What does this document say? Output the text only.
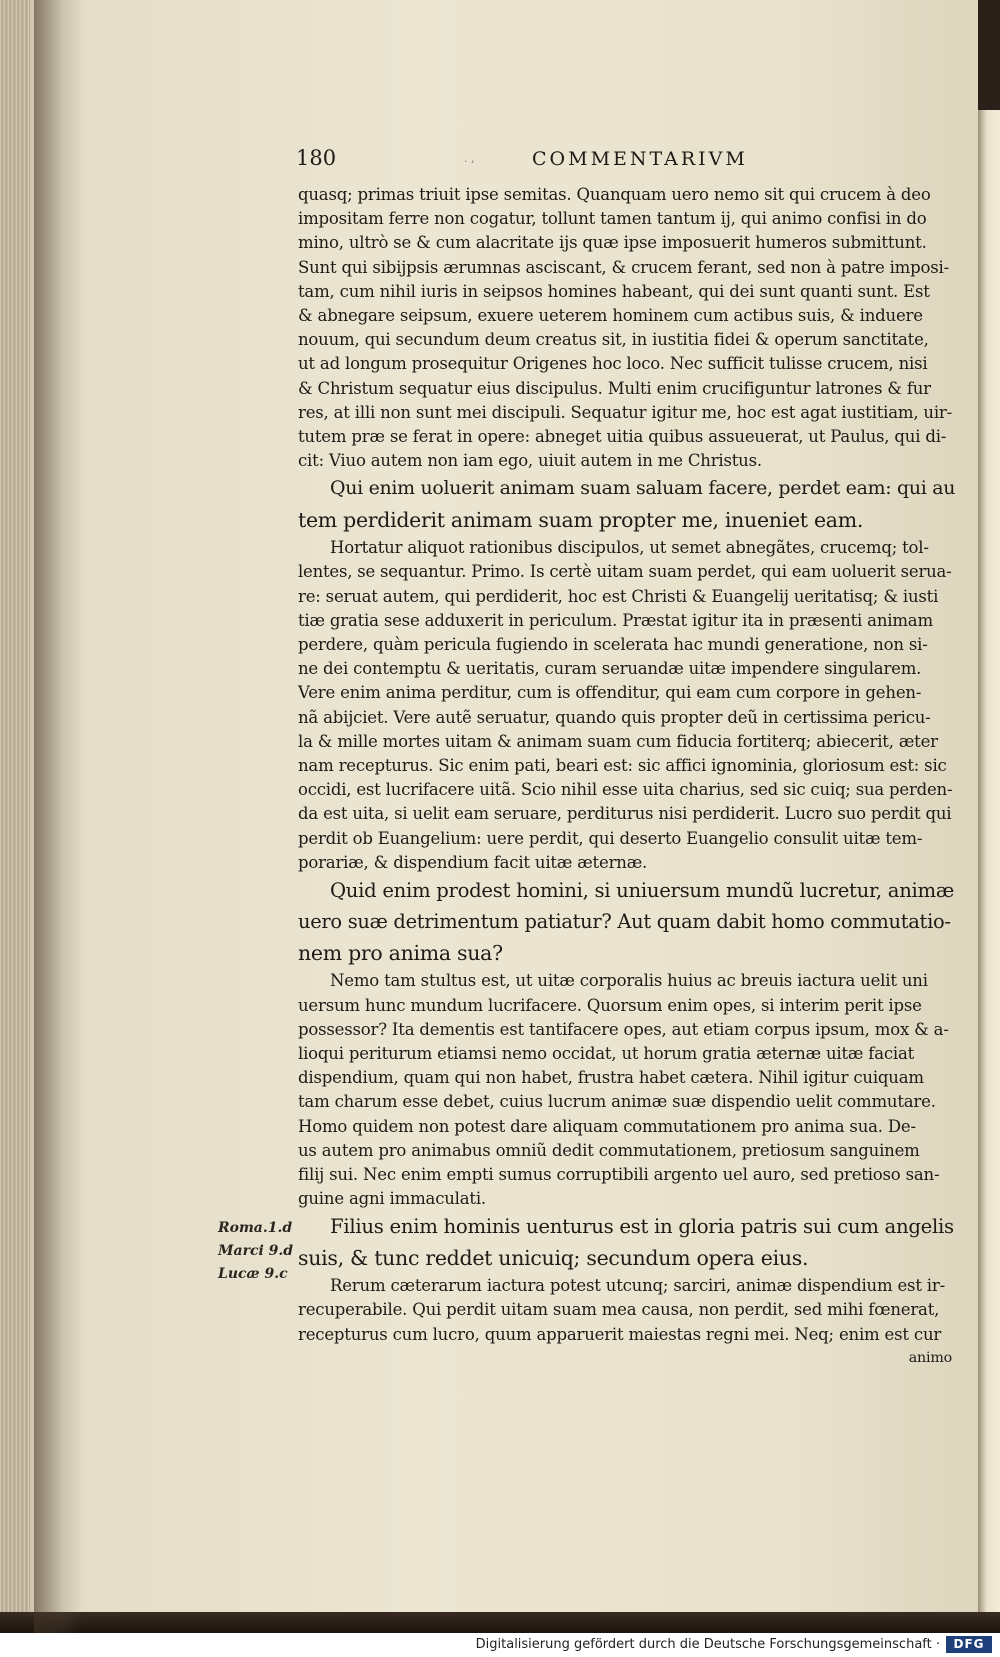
180	. ,	COMMENTARIVM
quasq; primas triuit ipse semitas. Quanquam uero nemo sit qui crucem à deo
impositam ferre non cogatur, tollunt tamen tantum ij, qui animo confisi in do
mino, ultrò se & cum alacritate ijs quæ ipse imposuerit humeros submittunt.
Sunt qui sibijpsis ærumnas asciscant, & crucem ferant, sed non à patre imposi-
tam, cum nihil iuris in seipsos homines habeant, qui dei sunt quanti sunt. Est
& abnegare seipsum, exuere ueterem hominem cum actibus suis, & induere
nouum, qui secundum deum creatus sit, in iustitia fidei & operum sanctitate,
ut ad longum prosequitur Origenes hoc loco. Nec sufficit tulisse crucem, nisi
& Christum sequatur eius discipulus. Multi enim crucifiguntur latrones & fur
res, at illi non sunt mei discipuli. Sequatur igitur me, hoc est agat iustitiam, uir-
tutem præ se ferat in opere: abneget uitia quibus assueuerat, ut Paulus, qui di-
cit: Viuo autem non iam ego, uiuit autem in me Christus.
Qui enim uoluerit animam suam saluam facere, perdet eam: qui au
tem perdiderit animam suam propter me, inueniet eam.
Hortatur aliquot rationibus discipulos, ut semet abnegãtes, crucemq; tol-
lentes, se sequantur. Primo. Is certè uitam suam perdet, qui eam uoluerit serua-
re: seruat autem, qui perdiderit, hoc est Christi & Euangelij ueritatisq; & iusti
tiæ gratia sese adduxerit in periculum. Præstat igitur ita in præsenti animam
perdere, quàm pericula fugiendo in scelerata hac mundi generatione, non si-
ne dei contemptu & ueritatis, curam seruandæ uitæ impendere singularem.
Vere enim anima perditur, cum is offenditur, qui eam cum corpore in gehen-
nã abijciet. Vere autẽ seruatur, quando quis propter deũ in certissima pericu-
la & mille mortes uitam & animam suam cum fiducia fortiterq; abiecerit, æter
nam recepturus. Sic enim pati, beari est: sic affici ignominia, gloriosum est: sic
occidi, est lucrifacere uitã. Scio nihil esse uita charius, sed sic cuiq; sua perden-
da est uita, si uelit eam seruare, perditurus nisi perdiderit. Lucro suo perdit qui
perdit ob Euangelium: uere perdit, qui deserto Euangelio consulit uitæ tem-
porariæ, & dispendium facit uitæ æternæ.
Quid enim prodest homini, si uniuersum mundũ lucretur, animæ
uero suæ detrimentum patiatur? Aut quam dabit homo commutatio-
nem pro anima sua?
Nemo tam stultus est, ut uitæ corporalis huius ac breuis iactura uelit uni
uersum hunc mundum lucrifacere. Quorsum enim opes, si interim perit ipse
possessor? Ita dementis est tantifacere opes, aut etiam corpus ipsum, mox & a-
lioqui periturum etiamsi nemo occidat, ut horum gratia æternæ uitæ faciat
dispendium, quam qui non habet, frustra habet cætera. Nihil igitur cuiquam
tam charum esse debet, cuius lucrum animæ suæ dispendio uelit commutare.
Homo quidem non potest dare aliquam commutationem pro anima sua. De-
us autem pro animabus omniũ dedit commutationem, pretiosum sanguinem
filij sui. Nec enim empti sumus corruptibili argento uel auro, sed pretioso san-
guine agni immaculati.
Filius enim hominis uenturus est in gloria patris sui cum angelis
suis, & tunc reddet unicuiq; secundum opera eius.
Rerum cæterarum iactura potest utcunq; sarciri, animæ dispendium est ir-
recuperabile. Qui perdit uitam suam mea causa, non perdit, sed mihi fœnerat,
recepturus cum lucro, quum apparuerit maiestas regni mei. Neq; enim est cur
animo
Roma.1.d
Marci 9.d
Lucæ 9.c
Digitalisierung gefördert durch die Deutsche Forschungsgemeinschaft ·	DFG
